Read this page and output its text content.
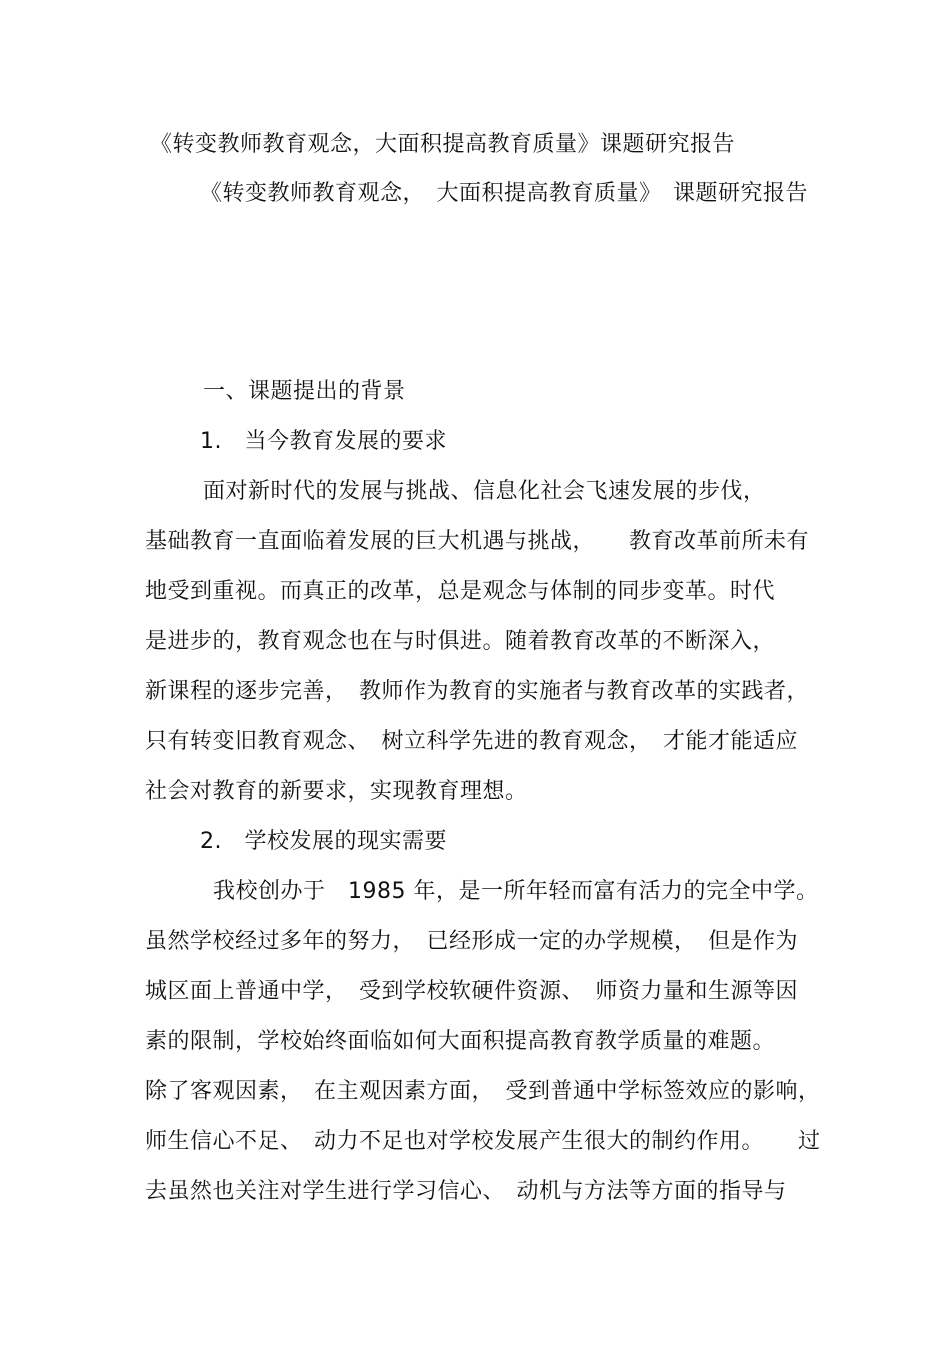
《转变教师教育观念，大面积提高教育质量》课题研究报告
《转变教师教育观念，　大面积提高教育质量》　课题研究报告
一、课题提出的背景
1.　当今教育发展的要求
面对新时代的发展与挑战、信息化社会飞速发展的步伐，
基础教育一直面临着发展的巨大机遇与挑战，　　教育改革前所未有
地受到重视。而真正的改革，总是观念与体制的同步变革。时代
是进步的，教育观念也在与时俱进。随着教育改革的不断深入，
新课程的逐步完善，　教师作为教育的实施者与教育改革的实践者，
只有转变旧教育观念、　树立科学先进的教育观念，　才能才能适应
社会对教育的新要求，实现教育理想。
2.　学校发展的现实需要
我校创办于　1985 年，是一所年轻而富有活力的完全中学。
虽然学校经过多年的努力，　已经形成一定的办学规模，　但是作为
城区面上普通中学，　受到学校软硬件资源、　师资力量和生源等因
素的限制，学校始终面临如何大面积提高教育教学质量的难题。
除了客观因素，　在主观因素方面，　受到普通中学标签效应的影响，
师生信心不足、　动力不足也对学校发展产生很大的制约作用。　　过
去虽然也关注对学生进行学习信心、　动机与方法等方面的指导与
